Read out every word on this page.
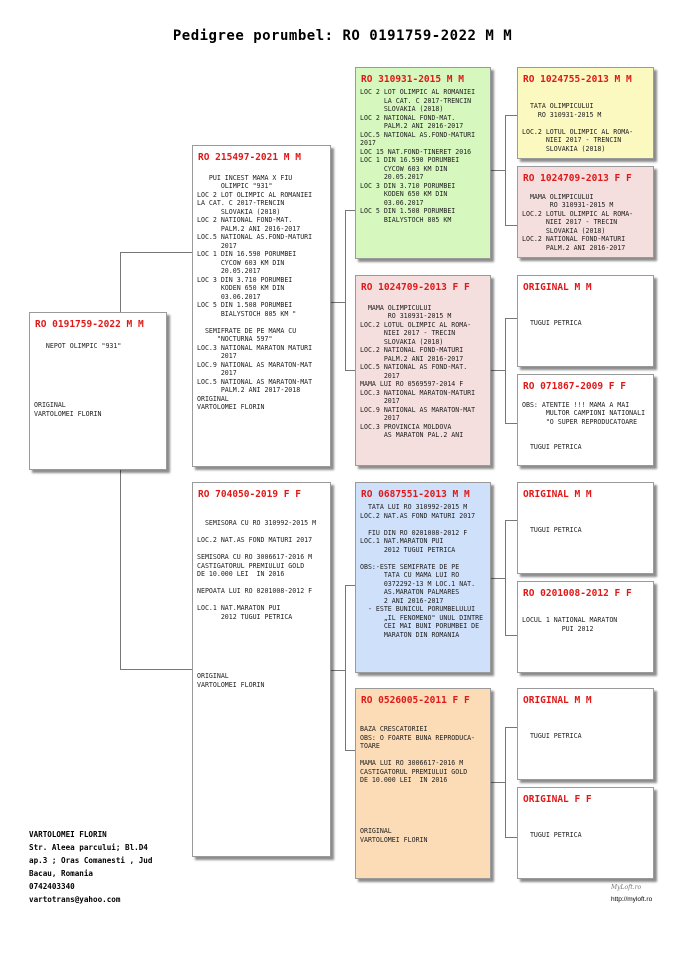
Pedigree porumbel: RO 0191759-2022 M M
RO 0191759-2022 M M

NEPOT OLIMPIC "931"

ORIGINAL
VARTOLOMEI FLORIN
RO 215497-2021 M M

PUI INCEST MAMA X FIU
OLIMPIC "931"
LOC 2 LOT OLIMPIC AL ROMANIEI
LA CAT. C 2017-TRENCIN
SLOVAKIA (2018)
LOC 2 NATIONAL FOND-MAT.
PALM.2 ANI 2016-2017
LOC.5 NATIONAL AS.FOND-MATURI
2017
LOC 1 DIN 16.590 PORUMBEI
CYCOW 603 KM DIN
20.05.2017
LOC 3 DIN 3.710 PORUMBEI
KODEN 650 KM DIN
03.06.2017
LOC 5 DIN 1.508 PORUMBEI
BIALYSTOCH 805 KM "

SEMIFRATE DE PE MAMA CU
"NOCTURNA 597"
LOC.3 NATIONAL MARATON MATURI
2017
LOC.9 NATIONAL AS MARATON-MAT
2017
LOC.5 NATIONAL AS MARATON-MAT
PALM.2 ANI 2017-2018
ORIGINAL
VARTOLOMEI FLORIN
RO 704050-2019 F F

SEMISORA CU RO 310992-2015 M

LOC.2 NAT.AS FOND MATURI 2017

SEMISORA CU RO 3006617-2016 M
CASTIGATORUL PREMIULUI GOLD
DE 10.000 LEI  IN 2016

NEPOATA LUI RO 0201008-2012 F

LOC.1 NAT.MARATON PUI
2012 TUGUI PETRICA

ORIGINAL
VARTOLOMEI FLORIN
RO 310931-2015 M M
LOC 2 LOT OLIMPIC AL ROMANIEI
LA CAT. C 2017-TRENCIN
SLOVAKIA (2018)
LOC 2 NATIONAL FOND-MAT.
PALM.2 ANI 2016-2017
LOC.5 NATIONAL AS.FOND-MATURI
2017
LOC 15 NAT.FOND-TINERET 2016
LOC 1 DIN 16.590 PORUMBEI
CYCOW 603 KM DIN
20.05.2017
LOC 3 DIN 3.710 PORUMBEI
KODEN 650 KM DIN
03.06.2017
LOC 5 DIN 1.508 PORUMBEI
BIALYSTOCH 805 KM
RO 1024709-2013 F F

MAMA OLIMPICULUI
RO 310931-2015 M
LOC.2 LOTUL OLIMPIC AL ROMA-
NIEI 2017 - TRECIN
SLOVAKIA (2018)
LOC.2 NATIONAL FOND-MATURI
PALM.2 ANI 2016-2017
LOC.5 NATIONAL AS FOND-MAT.
2017
MAMA LUI RO 0569597-2014 F
LOC.3 NATIONAL MARATON-MATURI
2017
LOC.9 NATIONAL AS MARATON-MAT
2017
LOC.3 PROVINCIA MOLDOVA
AS MARATON PAL.2 ANI
RO 0687551-2013 M M
TATA LUI RO 310992-2015 M
LOC.2 NAT.AS FOND MATURI 2017

FIU DIN RO 0201008-2012 F
LOC.1 NAT.MARATON PUI
2012 TUGUI PETRICA

OBS:-ESTE SEMIFRATE DE PE
TATA CU MAMA LUI RO
0372292-13 M LOC.1 NAT.
AS.MARATON PALMARES
2 ANI 2016-2017
- ESTE BUNICUL PORUMBELULUI
„IL FENOMENO" UNUL DINTRE
CEI MAI BUNI PORUMBEI DE
MARATON DIN ROMANIA
RO 0526005-2011 F F

BAZA CRESCATORIEI
OBS: O FOARTE BUNA REPRODUCA-
TOARE

MAMA LUI RO 3006617-2016 M
CASTIGATORUL PREMIULUI GOLD
DE 10.000 LEI  IN 2016

ORIGINAL
VARTOLOMEI FLORIN
RO 1024755-2013 M M

TATA OLIMPICULUI
RO 310931-2015 M

LOC.2 LOTUL OLIMPIC AL ROMA-
NIEI 2017 - TRENCIN
SLOVAKIA (2018)
RO 1024709-2013 F F

MAMA OLIMPICULUI
RO 310931-2015 M
LOC.2 LOTUL OLIMPIC AL ROMA-
NIEI 2017 - TRECIN
SLOVAKIA (2018)
LOC.2 NATIONAL FOND-MATURI
PALM.2 ANI 2016-2017
ORIGINAL M M

TUGUI PETRICA
RO 071867-2009 F F

OBS: ATENTIE !!! MAMA A MAI
MULTOR CAMPIONI NATIONALI
"O SUPER REPRODUCATOARE

TUGUI PETRICA
ORIGINAL M M

TUGUI PETRICA
RO 0201008-2012 F F

LOCUL 1 NATIONAL MARATON
PUI 2012
ORIGINAL M M

TUGUI PETRICA
ORIGINAL F F

TUGUI PETRICA
VARTOLOMEI FLORIN
Str. Aleea parcului; Bl.D4
ap.3 ; Oras Comanesti , Jud
Bacau, Romania
0742403340
vartotrans@yahoo.com
MyLoft.ro
http://myloft.ro
